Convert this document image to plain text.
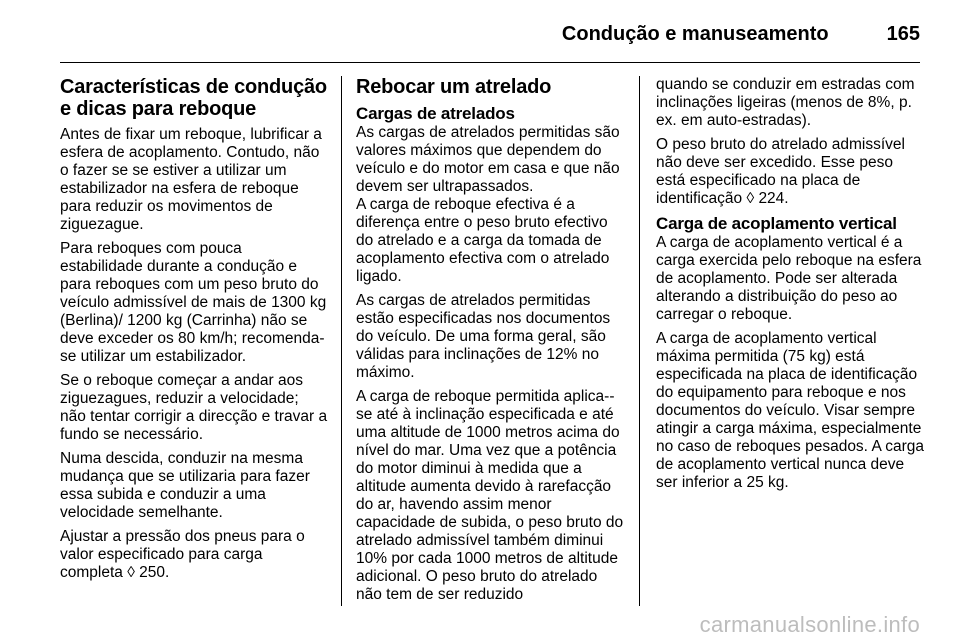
Condução e manuseamento	165
Características de condução e dicas para reboque

Antes de fixar um reboque, lubrificar a esfera de acoplamento. Contudo, não o fazer se se estiver a utilizar um estabilizador na esfera de reboque para reduzir os movimentos de ziguezague.

Para reboques com pouca estabilidade durante a condução e para reboques com um peso bruto do veículo admissível de mais de 1300 kg (Berlina)/ 1200 kg (Carrinha) não se deve exceder os 80 km/h; recomenda-se utilizar um estabilizador.

Se o reboque começar a andar aos ziguezagues, reduzir a velocidade; não tentar corrigir a direcção e travar a fundo se necessário.

Numa descida, conduzir na mesma mudança que se utilizaria para fazer essa subida e conduzir a uma velocidade semelhante.

Ajustar a pressão dos pneus para o valor especificado para carga completa ◊ 250.

Rebocar um atrelado
Cargas de atrelados

As cargas de atrelados permitidas são valores máximos que dependem do veículo e do motor em casa e que não devem ser ultrapassados.

A carga de reboque efectiva é a diferença entre o peso bruto efectivo do atrelado e a carga da tomada de acoplamento efectiva com o atrelado ligado.

As cargas de atrelados permitidas estão especificadas nos documentos do veículo. De uma forma geral, são válidas para inclinações de 12% no máximo.

A carga de reboque permitida aplica--se até à inclinação especificada e até uma altitude de 1000 metros acima do nível do mar. Uma vez que a potência do motor diminui à medida que a altitude aumenta devido à rarefacção do ar, havendo assim menor capacidade de subida, o peso bruto do atrelado admissível também diminui 10% por cada 1000 metros de altitude adicional. O peso bruto do atrelado não tem de ser reduzido

quando se conduzir em estradas com inclinações ligeiras (menos de 8%, p. ex. em auto-estradas).

O peso bruto do atrelado admissível não deve ser excedido. Esse peso está especificado na placa de identificação ◊ 224.

Carga de acoplamento vertical

A carga de acoplamento vertical é a carga exercida pelo reboque na esfera de acoplamento. Pode ser alterada alterando a distribuição do peso ao carregar o reboque.

A carga de acoplamento vertical máxima permitida (75 kg) está especificada na placa de identificação do equipamento para reboque e nos documentos do veículo. Visar sempre atingir a carga máxima, especialmente no caso de reboques pesados. A carga de acoplamento vertical nunca deve ser inferior a 25 kg.

carmanualsonline.info
